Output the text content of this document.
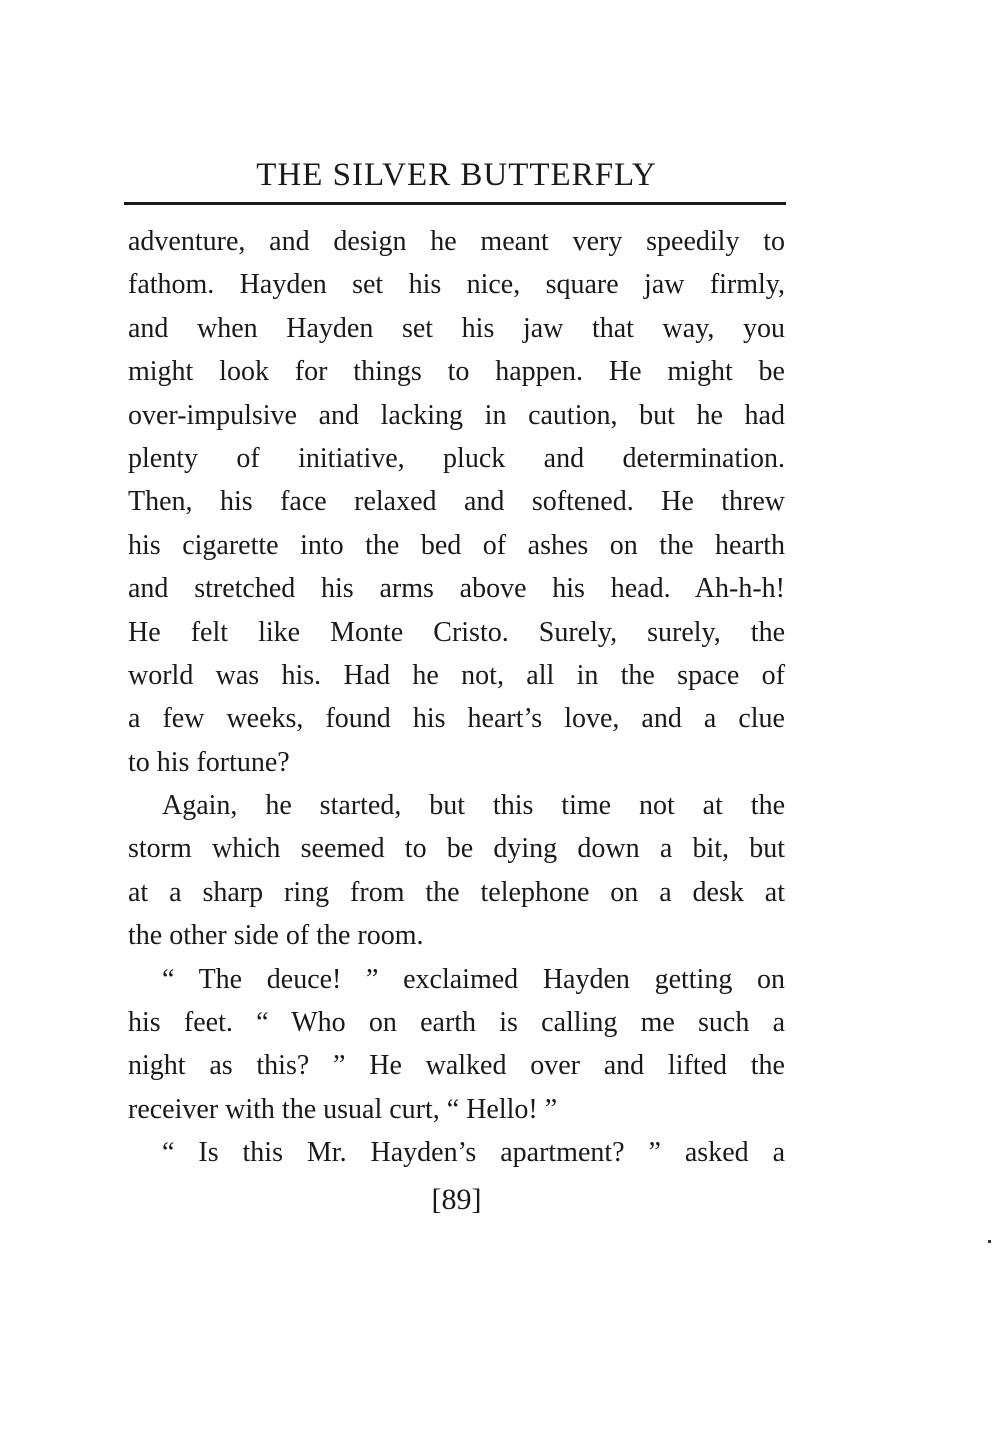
THE SILVER BUTTERFLY
adventure, and design he meant very speedily to
fathom. Hayden set his nice, square jaw firmly,
and when Hayden set his jaw that way, you
might look for things to happen. He might be
over-impulsive and lacking in caution, but he had
plenty of initiative, pluck and determination.
Then, his face relaxed and softened. He threw
his cigarette into the bed of ashes on the hearth
and stretched his arms above his head. Ah-h-h!
He felt like Monte Cristo. Surely, surely, the
world was his. Had he not, all in the space of
a few weeks, found his heart’s love, and a clue
to his fortune?
Again, he started, but this time not at the
storm which seemed to be dying down a bit, but
at a sharp ring from the telephone on a desk at
the other side of the room.
“ The deuce! ” exclaimed Hayden getting on
his feet. “ Who on earth is calling me such a
night as this? ” He walked over and lifted the
receiver with the usual curt, “ Hello! ”
“ Is this Mr. Hayden’s apartment? ” asked a
[89]
